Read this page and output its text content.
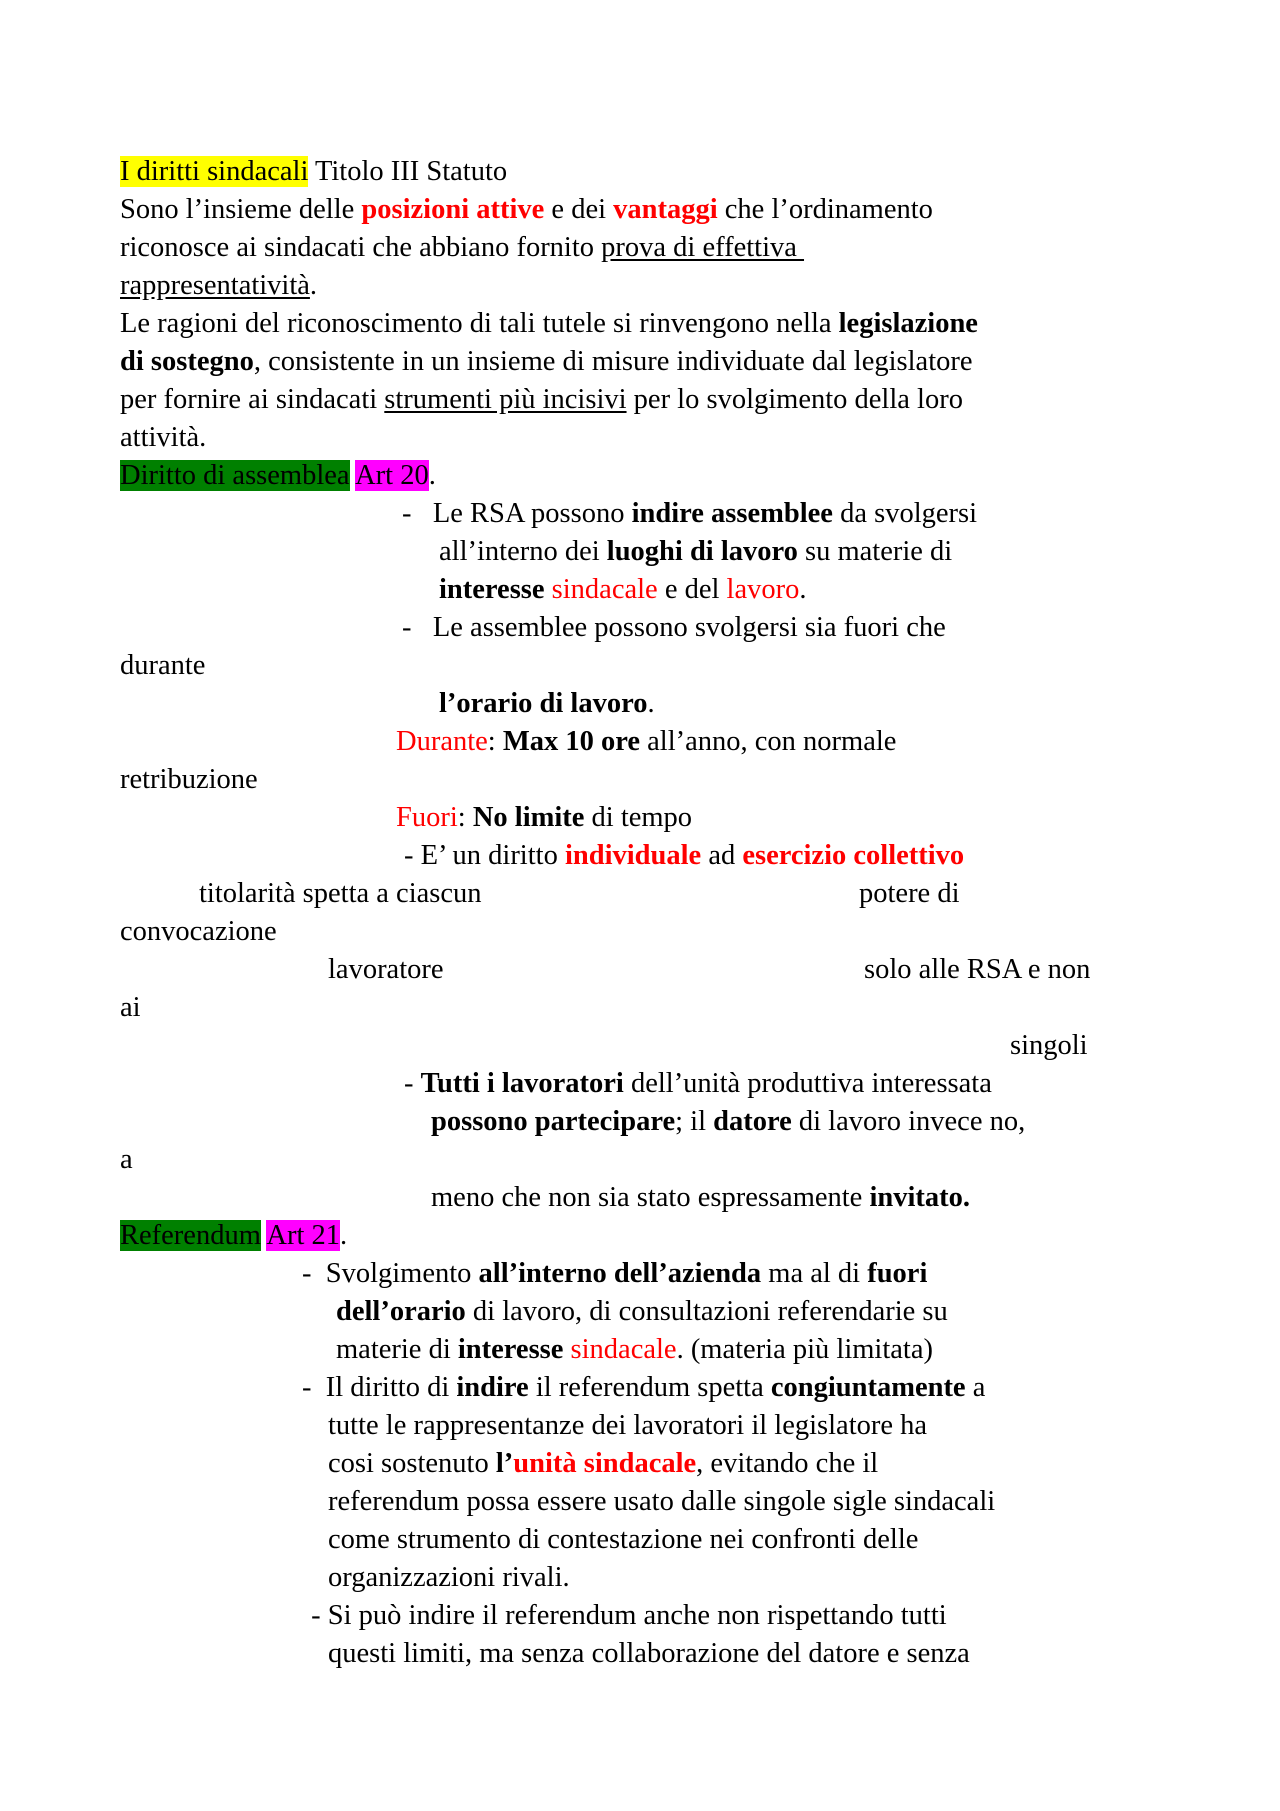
I diritti sindacali Titolo III Statuto

Sono l’insieme delle posizioni attive e dei vantaggi che l’ordinamento

riconosce ai sindacati che abbiano fornito prova di effettiva

rappresentatività.

Le ragioni del riconoscimento di tali tutele si rinvengono nella legislazione

di sostegno, consistente in un insieme di misure individuate dal legislatore

per fornire ai sindacati strumenti più incisivi per lo svolgimento della loro

attività.

Diritto di assemblea Art 20.

-   Le RSA possono indire assemblee da svolgersi

all’interno dei luoghi di lavoro su materie di

interesse sindacale e del lavoro.

-   Le assemblee possono svolgersi sia fuori che

durante

l’orario di lavoro.

Durante: Max 10 ore all’anno, con normale

retribuzione

Fuori: No limite di tempo

- E’ un diritto individuale ad esercizio collettivo

titolarità spetta a ciascun	potere di

convocazione

lavoratore	solo alle RSA e non

ai

singoli

- Tutti i lavoratori dell’unità produttiva interessata

possono partecipare; il datore di lavoro invece no,

a

meno che non sia stato espressamente invitato.

Referendum Art 21.

-  Svolgimento all’interno dell’azienda ma al di fuori

dell’orario di lavoro, di consultazioni referendarie su

materie di interesse sindacale. (materia più limitata)

-  Il diritto di indire il referendum spetta congiuntamente a

tutte le rappresentanze dei lavoratori il legislatore ha

cosi sostenuto l’unità sindacale, evitando che il

referendum possa essere usato dalle singole sigle sindacali

come strumento di contestazione nei confronti delle

organizzazioni rivali.

- Si può indire il referendum anche non rispettando tutti

questi limiti, ma senza collaborazione del datore e senza
